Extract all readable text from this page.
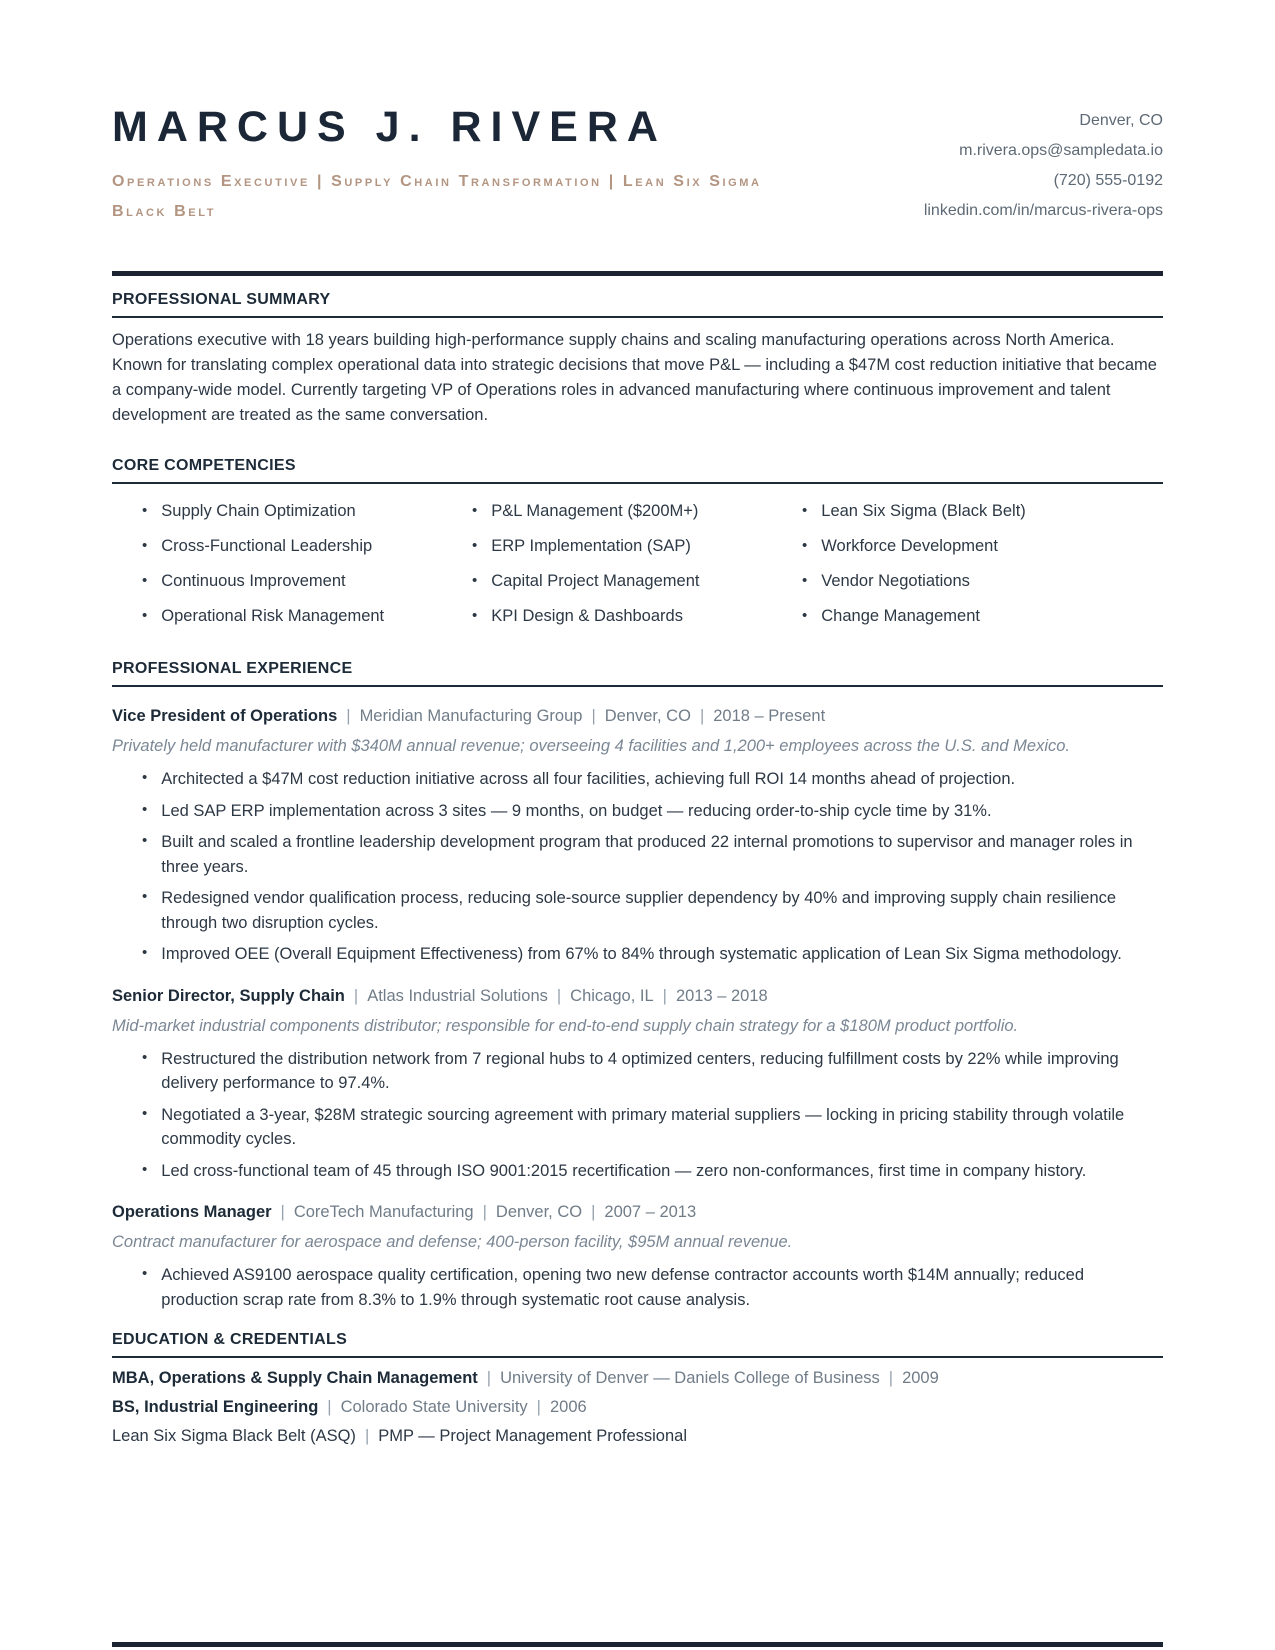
MARCUS J. RIVERA
Operations Executive | Supply Chain Transformation | Lean Six Sigma Black Belt
Denver, CO
m.rivera.ops@sampledata.io
(720) 555-0192
linkedin.com/in/marcus-rivera-ops
PROFESSIONAL SUMMARY

Operations executive with 18 years building high-performance supply chains and scaling manufacturing operations across North America. Known for translating complex operational data into strategic decisions that move P&L — including a $47M cost reduction initiative that became a company-wide model. Currently targeting VP of Operations roles in advanced manufacturing where continuous improvement and talent development are treated as the same conversation.

CORE COMPETENCIES
• Supply Chain Optimization	• P&L Management ($200M+)	• Lean Six Sigma (Black Belt)
• Cross-Functional Leadership	• ERP Implementation (SAP)	• Workforce Development
• Continuous Improvement	• Capital Project Management	• Vendor Negotiations
• Operational Risk Management	• KPI Design & Dashboards	• Change Management
PROFESSIONAL EXPERIENCE
Vice President of Operations | Meridian Manufacturing Group | Denver, CO | 2018 – Present
Privately held manufacturer with $340M annual revenue; overseeing 4 facilities and 1,200+ employees across the U.S. and Mexico.
• Architected a $47M cost reduction initiative across all four facilities, achieving full ROI 14 months ahead of projection.
• Led SAP ERP implementation across 3 sites — 9 months, on budget — reducing order-to-ship cycle time by 31%.
• Built and scaled a frontline leadership development program that produced 22 internal promotions to supervisor and manager roles in three years.
• Redesigned vendor qualification process, reducing sole-source supplier dependency by 40% and improving supply chain resilience through two disruption cycles.
• Improved OEE (Overall Equipment Effectiveness) from 67% to 84% through systematic application of Lean Six Sigma methodology.
Senior Director, Supply Chain | Atlas Industrial Solutions | Chicago, IL | 2013 – 2018
Mid-market industrial components distributor; responsible for end-to-end supply chain strategy for a $180M product portfolio.
• Restructured the distribution network from 7 regional hubs to 4 optimized centers, reducing fulfillment costs by 22% while improving delivery performance to 97.4%.
• Negotiated a 3-year, $28M strategic sourcing agreement with primary material suppliers — locking in pricing stability through volatile commodity cycles.
• Led cross-functional team of 45 through ISO 9001:2015 recertification — zero non-conformances, first time in company history.
Operations Manager | CoreTech Manufacturing | Denver, CO | 2007 – 2013
Contract manufacturer for aerospace and defense; 400-person facility, $95M annual revenue.
• Achieved AS9100 aerospace quality certification, opening two new defense contractor accounts worth $14M annually; reduced production scrap rate from 8.3% to 1.9% through systematic root cause analysis.
EDUCATION & CREDENTIALS
MBA, Operations & Supply Chain Management | University of Denver — Daniels College of Business | 2009
BS, Industrial Engineering | Colorado State University | 2006
Lean Six Sigma Black Belt (ASQ) | PMP — Project Management Professional
